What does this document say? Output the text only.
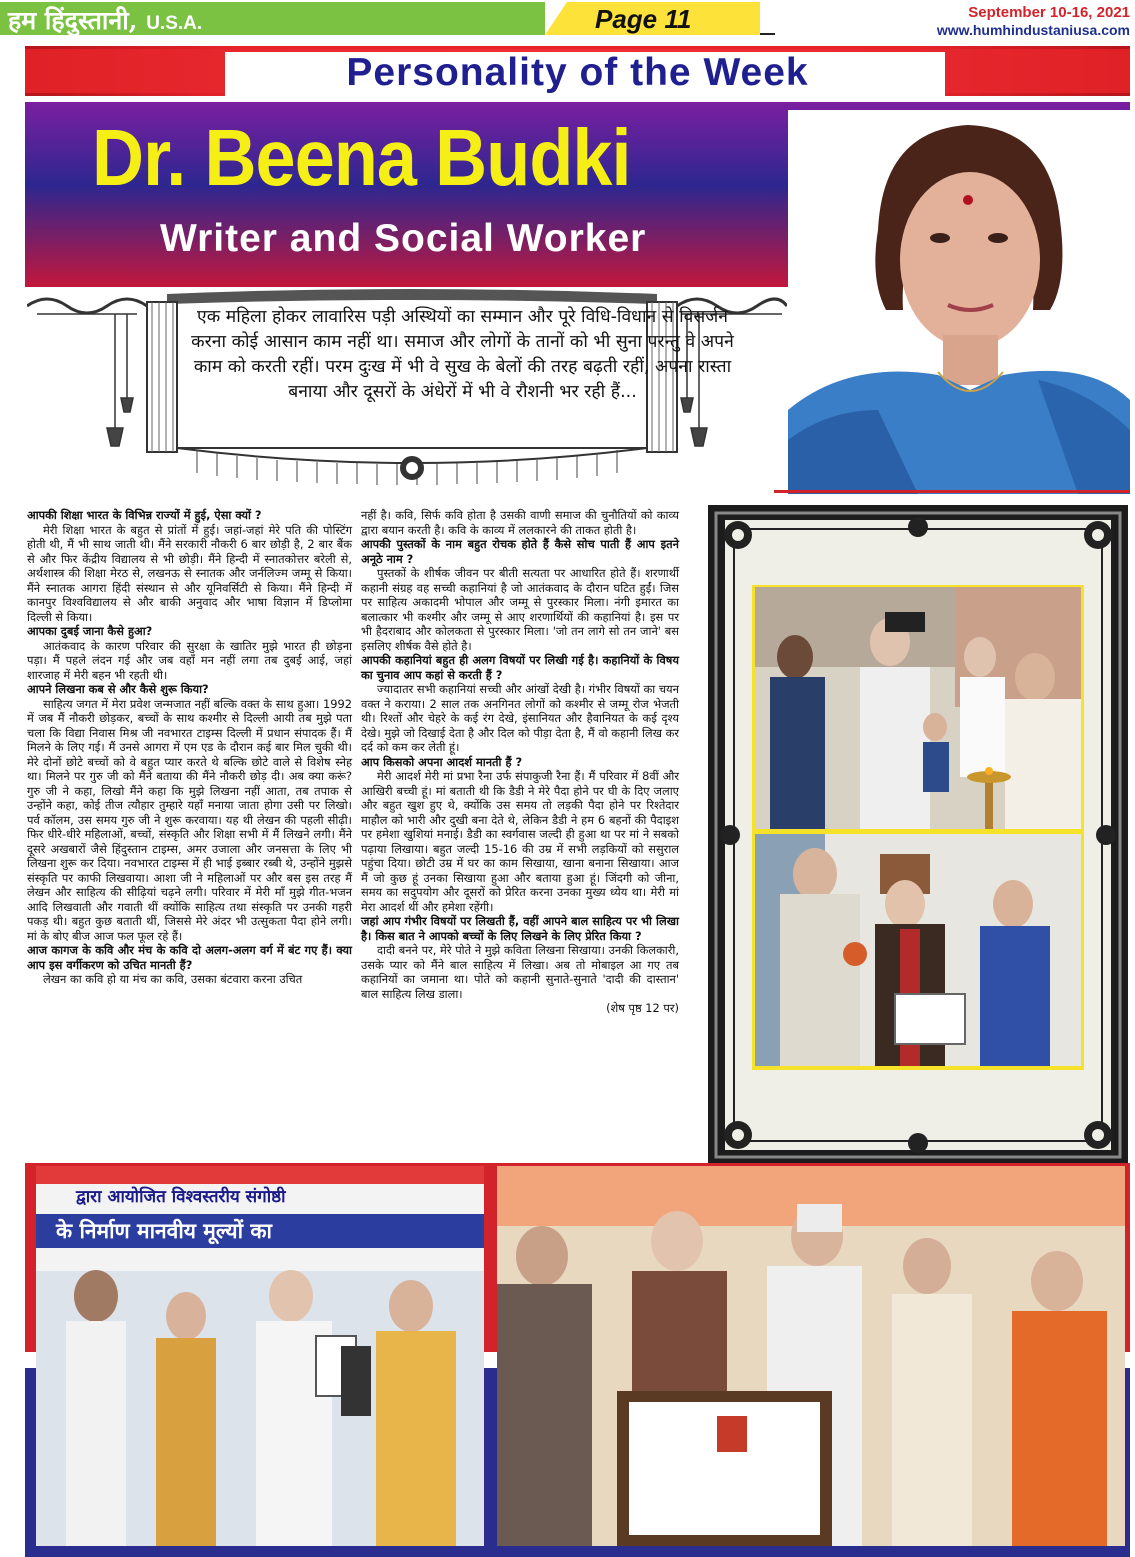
हम हिंदुस्तानी, U.S.A.	Page 11	September 10-16, 2021
www.humhindustaniusa.com
Personality of the Week
Dr. Beena Budki
Writer and Social Worker
एक महिला होकर लावारिस पड़ी अस्थियों का सम्मान और पूरे विधि-विधान से विसर्जन करना कोई आसान काम नहीं था। समाज और लोगों के तानों को भी सुना परन्तु वे अपने काम को करती रहीं। परम दुःख में भी वे सुख के बेलों की तरह बढ़ती रहीं, अपना रास्ता बनाया और दूसरों के अंधेरों में भी वे रौशनी भर रही हैं...

आपकी शिक्षा भारत के विभिन्न राज्यों में हुई, ऐसा क्यों ?

मेरी शिक्षा भारत के बहुत से प्रांतों में हुई। जहां-जहां मेरे पति की पोस्टिंग होती थी, मैं भी साथ जाती थी। मैंने सरकारी नौकरी 6 बार छोड़ी है, 2 बार बैंक से और फिर केंद्रीय विद्यालय से भी छोड़ी। मैंने हिन्दी में स्नातकोत्तर बरेली से, अर्थशास्त्र की शिक्षा मेरठ से, लखनऊ से स्नातक और जर्नलिज्म जम्मू से किया। मैंने स्नातक आगरा हिंदी संस्थान से और यूनिवर्सिटी से किया। मैंने हिन्दी में कानपुर विश्वविद्यालय से और बाकी अनुवाद और भाषा विज्ञान में डिप्लोमा दिल्ली से किया।

आपका दुबई जाना कैसे हुआ?

आतंकवाद के कारण परिवार की सुरक्षा के खातिर मुझे भारत ही छोड़ना पड़ा। मैं पहले लंदन गई और जब वहाँ मन नहीं लगा तब दुबई आई, जहां शारजाह में मेरी बहन भी रहती थी।

आपने लिखना कब से और कैसे शुरू किया?

साहित्य जगत में मेरा प्रवेश जन्मजात नहीं बल्कि वक्त के साथ हुआ। 1992 में जब मैं नौकरी छोड़कर, बच्चों के साथ कश्मीर से दिल्ली आयी तब मुझे पता चला कि विद्या निवास मिश्र जी नवभारत टाइम्स दिल्ली में प्रधान संपादक हैं। मैं मिलने के लिए गई। मैं उनसे आगरा में एम एड के दौरान कई बार मिल चुकी थी। मेरे दोनों छोटे बच्चों को वे बहुत प्यार करते थे बल्कि छोटे वाले से विशेष स्नेह था। मिलने पर गुरु जी को मैंने बताया की मैंने नौकरी छोड़ दी। अब क्या करूं? गुरु जी ने कहा, लिखो मैंने कहा कि मुझे लिखना नहीं आता, तब तपाक से उन्होंने कहा, कोई तीज त्यौहार तुम्हारे यहाँ मनाया जाता होगा उसी पर लिखो। पर्व कॉलम, उस समय गुरु जी ने शुरू करवाया। यह थी लेखन की पहली सीढ़ी। फिर धीरे-धीरे महिलाओं, बच्चों, संस्कृति और शिक्षा सभी में मैं लिखने लगी। मैंने दूसरे अखबारों जैसे हिंदुस्तान टाइम्स, अमर उजाला और जनसत्ता के लिए भी लिखना शुरू कर दिया। नवभारत टाइम्स में ही भाई इब्बार रब्बी थे, उन्होंने मुझसे संस्कृति पर काफी लिखवाया। आशा जी ने महिलाओं पर और बस इस तरह मैं लेखन और साहित्य की सीढ़ियां चढ़ने लगी। परिवार में मेरी माँ मुझे गीत-भजन आदि लिखवाती और गवाती थीं क्योंकि साहित्य तथा संस्कृति पर उनकी गहरी पकड़ थी। बहुत कुछ बताती थीं, जिससे मेरे अंदर भी उत्सुकता पैदा होने लगी। मां के बोए बीज आज फल फूल रहे हैं।

आज कागज के कवि और मंच के कवि दो अलग-अलग वर्ग में बंट गए हैं। क्या आप इस वर्गीकरण को उचित मानती हैं?

लेखन का कवि हो या मंच का कवि, उसका बंटवारा करना उचित

नहीं है। कवि, सिर्फ कवि होता है उसकी वाणी समाज की चुनौतियों को काव्य द्वारा बयान करती है। कवि के काव्य में ललकारने की ताकत होती है।

आपकी पुस्तकों के नाम बहुत रोचक होते हैं कैसे सोच पाती हैं आप इतने अनूठे नाम ?

पुस्तकों के शीर्षक जीवन पर बीती सत्यता पर आधारित होते हैं। शरणार्थी कहानी संग्रह वह सच्ची कहानियां है जो आतंकवाद के दौरान घटित हुईं। जिस पर साहित्य अकादमी भोपाल और जम्मू से पुरस्कार मिला। नंगी इमारत का बलात्कार भी कश्मीर और जम्मू से आए शरणार्थियों की कहानियां है। इस पर भी हैदराबाद और कोलकता से पुरस्कार मिला। 'जो तन लागे सो तन जाने' बस इसलिए शीर्षक वैसे होते है।

आपकी कहानियां बहुत ही अलग विषयों पर लिखी गई है। कहानियों के विषय का चुनाव आप कहां से करती हैं ?

ज्यादातर सभी कहानियां सच्ची और आंखों देखी है। गंभीर विषयों का चयन वक्त ने कराया। 2 साल तक अनगिनत लोगों को कश्मीर से जम्मू रोज भेजती थी। रिश्तों और चेहरे के कई रंग देखे, इंसानियत और हैवानियत के कई दृश्य देखे। मुझे जो दिखाई देता है और दिल को पीड़ा देता है, मैं वो कहानी लिख कर दर्द को कम कर लेती हूं।

आप किसको अपना आदर्श मानती हैं ?

मेरी आदर्श मेरी मां प्रभा रैना उर्फ संपाकुजी रैना हैं। मैं परिवार में 8वीं और आखिरी बच्ची हूं। मां बताती थी कि डैडी ने मेरे पैदा होने पर घी के दिए जलाए और बहुत खुश हुए थे, क्योंकि उस समय तो लड़की पैदा होने पर रिश्तेदार माहौल को भारी और दुखी बना देते थे, लेकिन डैडी ने हम 6 बहनों की पैदाइश पर हमेशा खुशियां मनाई। डैडी का स्वर्गवास जल्दी ही हुआ था पर मां ने सबको पढ़ाया लिखाया। बहुत जल्दी 15-16 की उम्र में सभी लड़कियों को ससुराल पहुंचा दिया। छोटी उम्र में घर का काम सिखाया, खाना बनाना सिखाया। आज मैं जो कुछ हूं उनका सिखाया हुआ और बताया हुआ हूं। जिंदगी को जीना, समय का सदुपयोग और दूसरों को प्रेरित करना उनका मुख्य ध्येय था। मेरी मां मेरा आदर्श थीं और हमेशा रहेंगी।

जहां आप गंभीर विषयों पर लिखती हैं, वहीं आपने बाल साहित्य पर भी लिखा है। किस बात ने आपको बच्चों के लिए लिखने के लिए प्रेरित किया ?

दादी बनने पर, मेरे पोते ने मुझे कविता लिखना सिखाया। उनकी किलकारी, उसके प्यार को मैंने बाल साहित्य में लिखा। अब तो मोबाइल आ गए तब कहानियों का जमाना था। पोते को कहानी सुनाते-सुनाते 'दादी की दास्तान' बाल साहित्य लिख डाला।

(शेष पृष्ठ 12 पर)

द्वारा आयोजित विश्वस्तरीय संगोष्ठी
के निर्माण मानवीय मूल्यों का
